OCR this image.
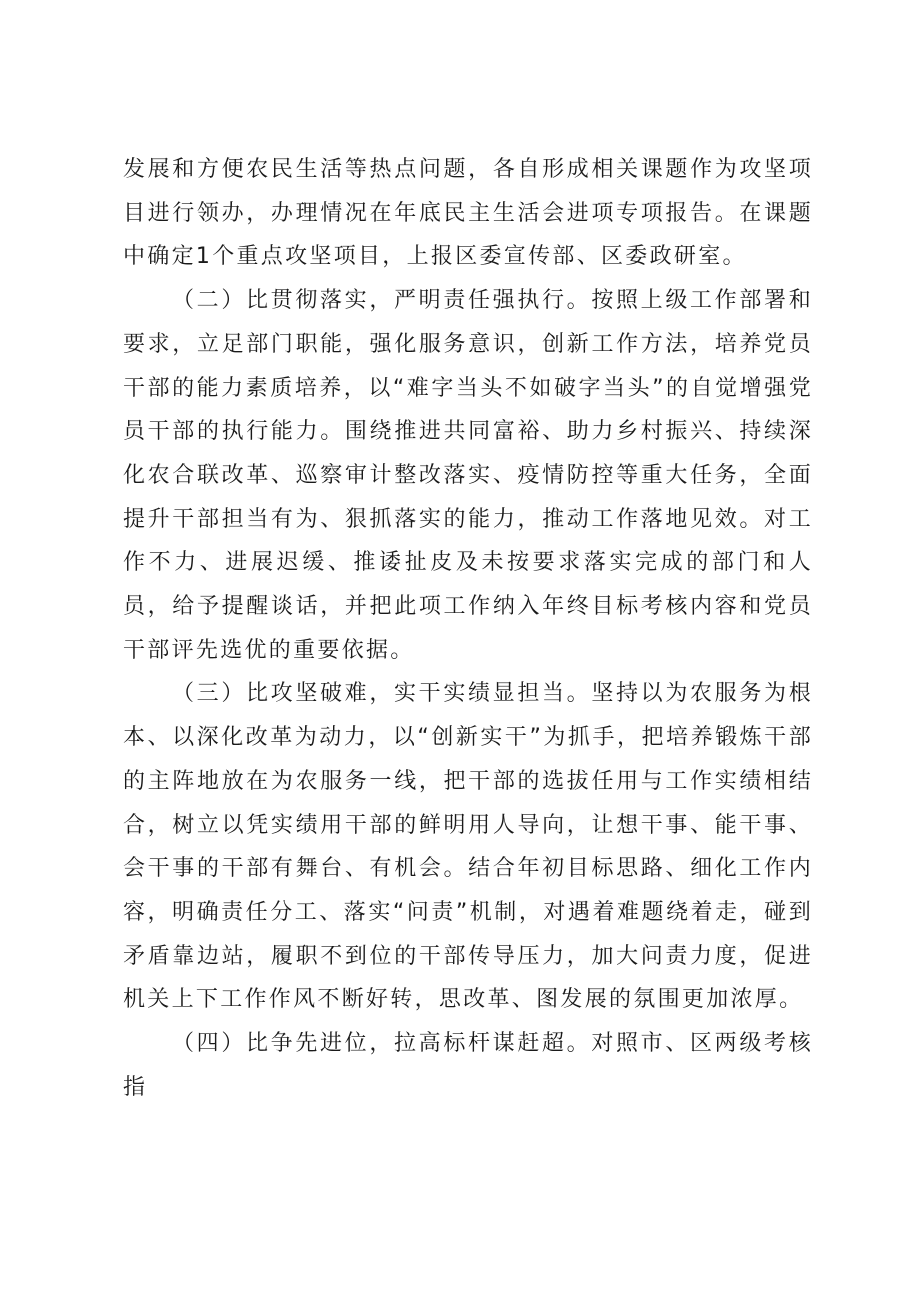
发展和方便农民生活等热点问题，各自形成相关课题作为攻坚项目进行领办，办理情况在年底民主生活会进项专项报告。在课题中确定1个重点攻坚项目，上报区委宣传部、区委政研室。

（二）比贯彻落实，严明责任强执行。按照上级工作部署和要求，立足部门职能，强化服务意识，创新工作方法，培养党员干部的能力素质培养，以“难字当头不如破字当头”的自觉增强党员干部的执行能力。围绕推进共同富裕、助力乡村振兴、持续深化农合联改革、巡察审计整改落实、疫情防控等重大任务，全面提升干部担当有为、狠抓落实的能力，推动工作落地见效。对工作不力、进展迟缓、推诿扯皮及未按要求落实完成的部门和人员，给予提醒谈话，并把此项工作纳入年终目标考核内容和党员干部评先选优的重要依据。

（三）比攻坚破难，实干实绩显担当。坚持以为农服务为根本、以深化改革为动力，以“创新实干”为抓手，把培养锻炼干部的主阵地放在为农服务一线，把干部的选拔任用与工作实绩相结合，树立以凭实绩用干部的鲜明用人导向，让想干事、能干事、会干事的干部有舞台、有机会。结合年初目标思路、细化工作内容，明确责任分工、落实“问责”机制，对遇着难题绕着走，碰到矛盾靠边站，履职不到位的干部传导压力，加大问责力度，促进机关上下工作作风不断好转，思改革、图发展的氛围更加浓厚。

（四）比争先进位，拉高标杆谋赶超。对照市、区两级考核指
